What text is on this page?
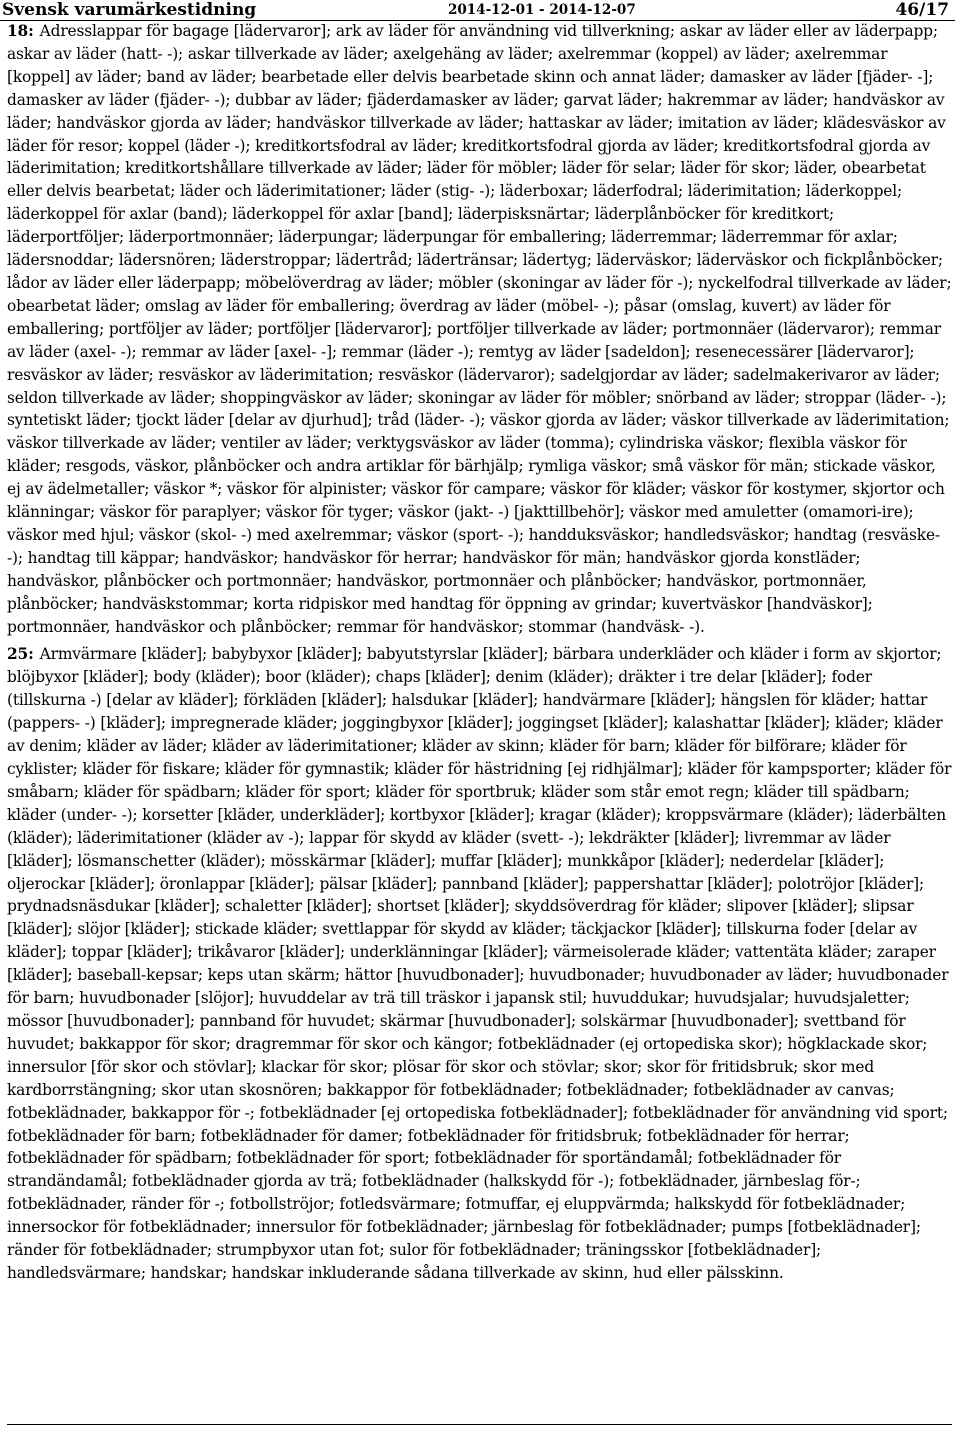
Svensk varumärkestidning	2014-12-01 - 2014-12-07	46/17

18: Adresslappar för bagage [lädervaror]; ark av läder för användning vid tillverkning; askar av läder eller av läderpapp; askar av läder (hatt- -); askar tillverkade av läder; axelgehäng av läder; axelremmar (koppel) av läder; axelremmar [koppel] av läder; band av läder; bearbetade eller delvis bearbetade skinn och annat läder; damasker av läder [fjäder- -]; damasker av läder (fjäder- -); dubbar av läder; fjäderdamasker av läder; garvat läder; hakremmar av läder; handväskor av läder; handväskor gjorda av läder; handväskor tillverkade av läder; hattaskar av läder; imitation av läder; klädesväskor av läder för resor; koppel (läder -); kreditkortsfodral av läder; kreditkortsfodral gjorda av läder; kreditkortsfodral gjorda av läderimitation; kreditkortshållare tillverkade av läder; läder för möbler; läder för selar; läder för skor; läder, obearbetat eller delvis bearbetat; läder och läderimitationer; läder (stig- -); läderboxar; läderfodral; läderimitation; läderkoppel; läderkoppel för axlar (band); läderkoppel för axlar [band]; läderpisksnärtar; läderplånböcker för kreditkort; läderportföljer; läderportmonnäer; läderpungar; läderpungar för emballering; läderremmar; läderremmar för axlar; lädersnoddar; lädersnören; läderstroppar; lädertråd; lädertränsar; lädertyg; läderväskor; läderväskor och fickplånböcker; lådor av läder eller läderpapp; möbelöverdrag av läder; möbler (skoningar av läder för -); nyckelfodral tillverkade av läder; obearbetat läder; omslag av läder för emballering; överdrag av läder (möbel- -); påsar (omslag, kuvert) av läder för emballering; portföljer av läder; portföljer [lädervaror]; portföljer tillverkade av läder; portmonnäer (lädervaror); remmar av läder (axel- -); remmar av läder [axel- -]; remmar (läder -); remtyg av läder [sadeldon]; resenecessärer [lädervaror]; resväskor av läder; resväskor av läderimitation; resväskor (lädervaror); sadelgjordar av läder; sadelmakerivaror av läder; seldon tillverkade av läder; shoppingväskor av läder; skoningar av läder för möbler; snörband av läder; stroppar (läder- -); syntetiskt läder; tjockt läder [delar av djurhud]; tråd (läder- -); väskor gjorda av läder; väskor tillverkade av läderimitation; väskor tillverkade av läder; ventiler av läder; verktygsväskor av läder (tomma); cylindriska väskor; flexibla väskor för kläder; resgods, väskor, plånböcker och andra artiklar för bärhjälp; rymliga väskor; små väskor för män; stickade väskor, ej av ädelmetaller; väskor *; väskor för alpinister; väskor för campare; väskor för kläder; väskor för kostymer, skjortor och klänningar; väskor för paraplyer; väskor för tyger; väskor (jakt- -) [jakttillbehör]; väskor med amuletter (omamori-ire); väskor med hjul; väskor (skol- -) med axelremmar; väskor (sport- -); handduksväskor; handledsväskor; handtag (resväske- -); handtag till käppar; handväskor; handväskor för herrar; handväskor för män; handväskor gjorda konstläder; handväskor, plånböcker och portmonnäer; handväskor, portmonnäer och plånböcker; handväskor, portmonnäer, plånböcker; handväskstommar; korta ridpiskor med handtag för öppning av grindar; kuvertväskor [handväskor]; portmonnäer, handväskor och plånböcker; remmar för handväskor; stommar (handväsk- -).

25: Armvärmare [kläder]; babybyxor [kläder]; babyutstyrslar [kläder]; bärbara underkläder och kläder i form av skjortor; blöjbyxor [kläder]; body (kläder); boor (kläder); chaps [kläder]; denim (kläder); dräkter i tre delar [kläder]; foder (tillskurna -) [delar av kläder]; förkläden [kläder]; halsdukar [kläder]; handvärmare [kläder]; hängslen för kläder; hattar (pappers- -) [kläder]; impregnerade kläder; joggingbyxor [kläder]; joggingset [kläder]; kalashattar [kläder]; kläder; kläder av denim; kläder av läder; kläder av läderimitationer; kläder av skinn; kläder för barn; kläder för bilförare; kläder för cyklister; kläder för fiskare; kläder för gymnastik; kläder för hästridning [ej ridhjälmar]; kläder för kampsporter; kläder för småbarn; kläder för spädbarn; kläder för sport; kläder för sportbruk; kläder som står emot regn; kläder till spädbarn; kläder (under- -); korsetter [kläder, underkläder]; kortbyxor [kläder]; kragar (kläder); kroppsvärmare (kläder); läderbälten (kläder); läderimitationer (kläder av -); lappar för skydd av kläder (svett- -); lekdräkter [kläder]; livremmar av läder [kläder]; lösmanschetter (kläder); mösskärmar [kläder]; muffar [kläder]; munkkåpor [kläder]; nederdelar [kläder]; oljerockar [kläder]; öronlappar [kläder]; pälsar [kläder]; pannband [kläder]; pappershattar [kläder]; polotröjor [kläder]; prydnadsnäsdukar [kläder]; schaletter [kläder]; shortset [kläder]; skyddsöverdrag för kläder; slipover [kläder]; slipsar [kläder]; slöjor [kläder]; stickade kläder; svettlappar för skydd av kläder; täckjackor [kläder]; tillskurna foder [delar av kläder]; toppar [kläder]; trikåvaror [kläder]; underklänningar [kläder]; värmeisolerade kläder; vattentäta kläder; zaraper [kläder]; baseball-kepsar; keps utan skärm; hättor [huvudbonader]; huvudbonader; huvudbonader av läder; huvudbonader för barn; huvudbonader [slöjor]; huvuddelar av trä till träskor i japansk stil; huvuddukar; huvudsjalar; huvudsjaletter; mössor [huvudbonader]; pannband för huvudet; skärmar [huvudbonader]; solskärmar [huvudbonader]; svettband för huvudet; bakkappor för skor; dragremmar för skor och kängor; fotbeklädnader (ej ortopediska skor); högklackade skor; innersulor [för skor och stövlar]; klackar för skor; plösar för skor och stövlar; skor; skor för fritidsbruk; skor med kardborrstängning; skor utan skosnören; bakkappor för fotbeklädnader; fotbeklädnader; fotbeklädnader av canvas; fotbeklädnader, bakkappor för -; fotbeklädnader [ej ortopediska fotbeklädnader]; fotbeklädnader för användning vid sport; fotbeklädnader för barn; fotbeklädnader för damer; fotbeklädnader för fritidsbruk; fotbeklädnader för herrar; fotbeklädnader för spädbarn; fotbeklädnader för sport; fotbeklädnader för sportändamål; fotbeklädnader för strandändamål; fotbeklädnader gjorda av trä; fotbeklädnader (halkskydd för -); fotbeklädnader, järnbeslag för-; fotbeklädnader, ränder för -; fotbollströjor; fotledsvärmare; fotmuffar, ej eluppvärmda; halkskydd för fotbeklädnader; innersockor för fotbeklädnader; innersulor för fotbeklädnader; järnbeslag för fotbeklädnader; pumps [fotbeklädnader]; ränder för fotbeklädnader; strumpbyxor utan fot; sulor för fotbeklädnader; träningsskor [fotbeklädnader]; handledsvärmare; handskar; handskar inkluderande sådana tillverkade av skinn, hud eller pälsskinn.
